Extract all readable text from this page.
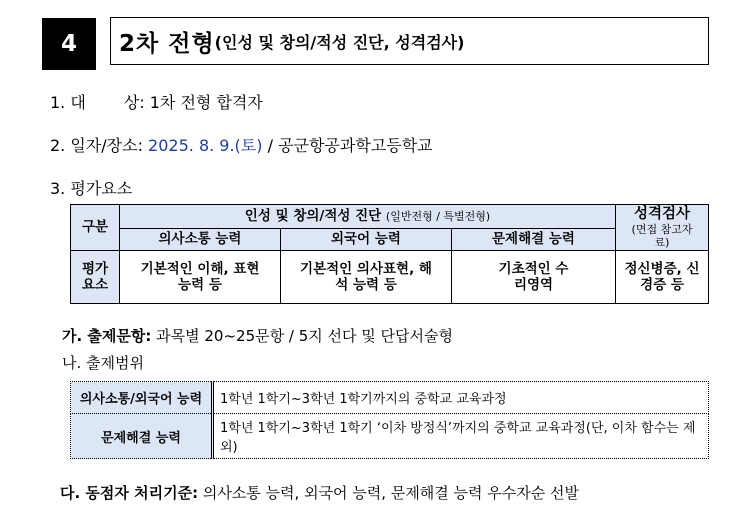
4	2차 전형 (인성 및 창의/적성 진단, 성격검사)
1. 대 상: 1차 전형 합격자
2. 일자/장소: 2025. 8. 9.(토) / 공군항공과학고등학교
3. 평가요소
구분	인성 및 창의/적성 진단 (일반전형 / 특별전형)			성격검사
(면접 참고자료)

	의사소통 능력	외국어 능력	문제해결 능력	
평가 요소	기본적인 이해, 표현능력 등	기본적인 의사표현, 해석 능력 등	기초적인 수리영역	정신병증, 신경증 등
가. 출제문항: 과목별 20~25문항 / 5지 선다 및 단답서술형
나. 출제범위
의사소통/외국어 능력	1학년 1학기~3학년 1학기까지의 중학교 교육과정
문제해결 능력	1학년 1학기~3학년 1학기 ‘이차 방정식’까지의 중학교 교육과정(단, 이차 함수는 제외)
다. 동점자 처리기준: 의사소통 능력, 외국어 능력, 문제해결 능력 우수자순 선발
